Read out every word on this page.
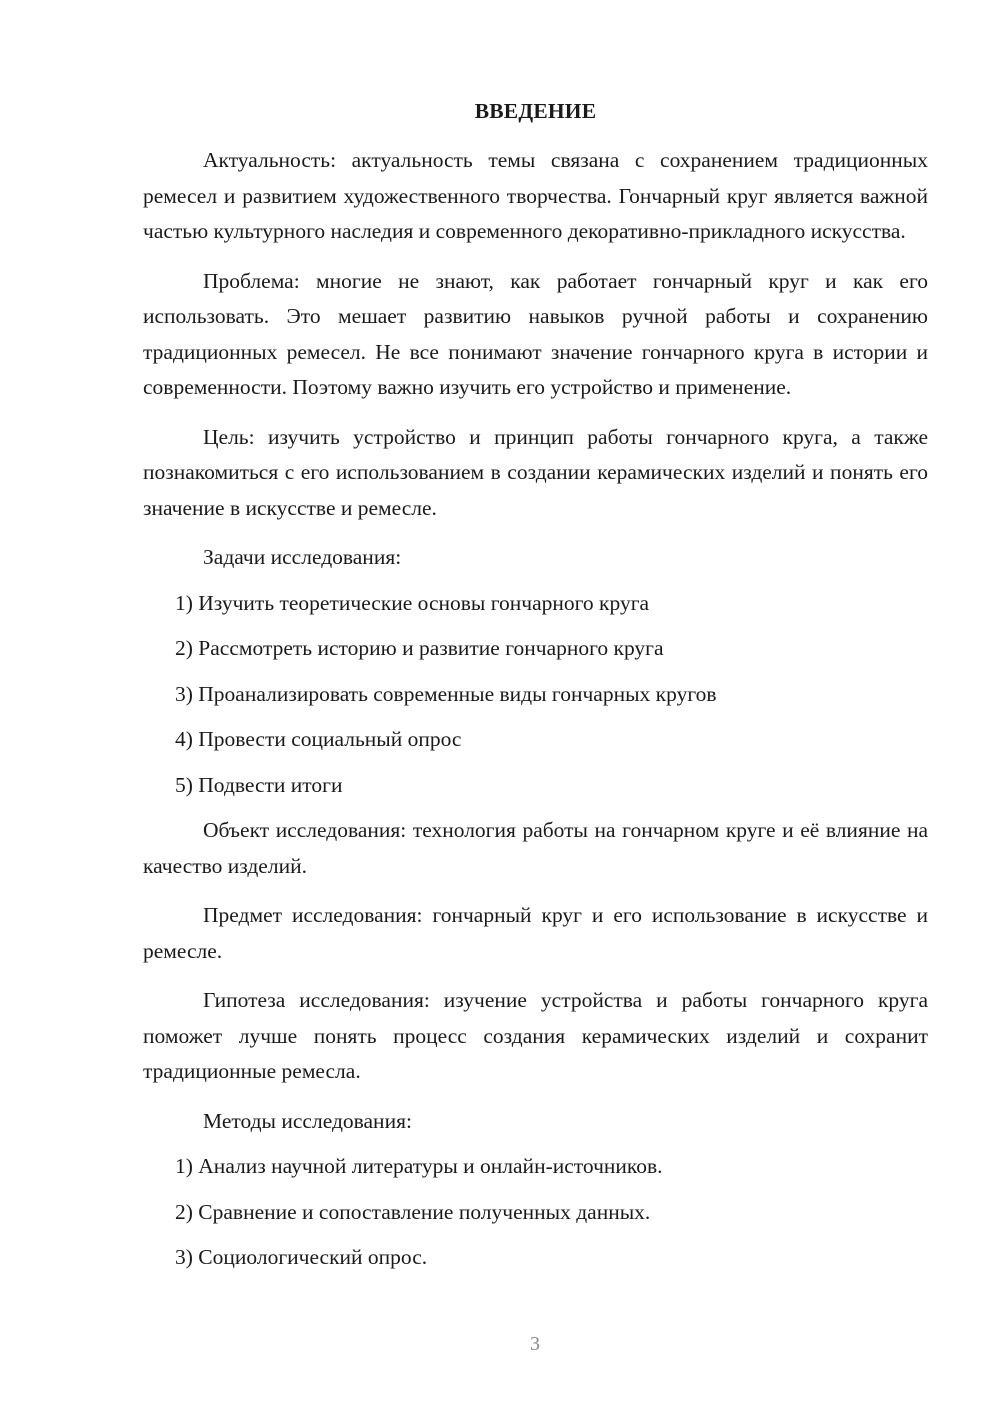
ВВЕДЕНИЕ

Актуальность: актуальность темы связана с сохранением традиционных ремесел и развитием художественного творчества. Гончарный круг является важной частью культурного наследия и современного декоративно-прикладного искусства.

Проблема: многие не знают, как работает гончарный круг и как его использовать. Это мешает развитию навыков ручной работы и сохранению традиционных ремесел. Не все понимают значение гончарного круга в истории и современности. Поэтому важно изучить его устройство и применение.

Цель: изучить устройство и принцип работы гончарного круга, а также познакомиться с его использованием в создании керамических изделий и понять его значение в искусстве и ремесле.

Задачи исследования:
1) Изучить теоретические основы гончарного круга
2) Рассмотреть историю и развитие гончарного круга
3) Проанализировать современные виды гончарных кругов
4) Провести социальный опрос
5) Подвести итоги

Объект исследования: технология работы на гончарном круге и её влияние на качество изделий.

Предмет исследования: гончарный круг и его использование в искусстве и ремесле.

Гипотеза исследования: изучение устройства и работы гончарного круга поможет лучше понять процесс создания керамических изделий и сохранит традиционные ремесла.

Методы исследования:
1) Анализ научной литературы и онлайн-источников.
2) Сравнение и сопоставление полученных данных.
3) Социологический опрос.
3
